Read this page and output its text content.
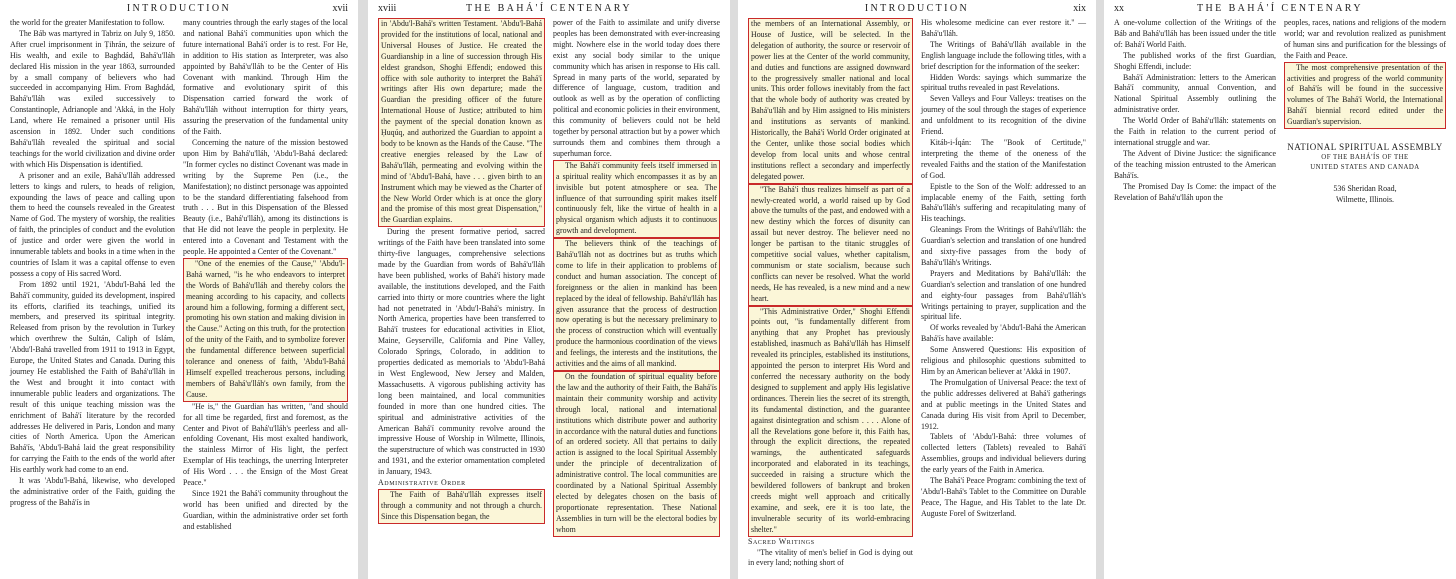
INTRODUCTION	xvii

the world for the greater Manifestation to follow.

The Báb was martyred in Tabriz on July 9, 1850. After cruel imprisonment in Ṭihrán, the seizure of His wealth, and exile to Baghdád, Bahá'u'lláh declared His mission in the year 1863, surrounded by a small company of believers who had succeeded in accompanying Him. From Baghdád, Bahá'u'lláh was exiled successively to Constantinople, Adrianople and 'Akká, in the Holy Land, where He remained a prisoner until His ascension in 1892. Under such conditions Bahá'u'lláh revealed the spiritual and social teachings for the world civilization and divine order with which His Dispensation is identified.

A prisoner and an exile, Bahá'u'lláh addressed letters to kings and rulers, to heads of religion, expounding the laws of peace and calling upon them to heed the counsels revealed in the Greatest Name of God. The mystery of worship, the realities of faith, the principles of conduct and the evolution of justice and order were given the world in innumerable tablets and books in a time when in the countries of Islam it was a capital offense to even possess a copy of His sacred Word.

From 1892 until 1921, 'Abdu'l-Bahá led the Bahá'í community, guided its development, inspired its efforts, clarified its teachings, unified its members, and preserved its spiritual integrity. Released from prison by the revolution in Turkey which overthrew the Sultán, Caliph of Islám, 'Abdu'l-Bahá travelled from 1911 to 1913 in Egypt, Europe, the United States and Canada. During this journey He established the Faith of Bahá'u'lláh in the West and brought it into contact with innumerable public leaders and organizations. The result of this unique teaching mission was the enrichment of Bahá'í literature by the recorded addresses He delivered in Paris, London and many cities of North America. Upon the American Bahá'ís, 'Abdu'l-Bahá laid the great responsibility for carrying the Faith to the ends of the world after His earthly work had come to an end.

It was 'Abdu'l-Bahá, likewise, who developed the administrative order of the Faith, guiding the progress of the Bahá'ís in

many countries through the early stages of the local and national Bahá'í communities upon which the future international Bahá'í order is to rest. For He, in addition to His station as Interpreter, was also appointed by Bahá'u'lláh to be the Center of His Covenant with mankind. Through Him the formative and evolutionary spirit of this Dispensation carried forward the work of Bahá'u'lláh without interruption for thirty years, assuring the preservation of the fundamental unity of the Faith.

Concerning the nature of the mission bestowed upon Him by Bahá'u'lláh, 'Abdu'l-Bahá declared: "In former cycles no distinct Covenant was made in writing by the Supreme Pen (i.e., the Manifestation); no distinct personage was appointed to be the standard differentiating falsehood from truth . . . But in this Dispensation of the Blessed Beauty (i.e., Bahá'u'lláh), among its distinctions is that He did not leave the people in perplexity. He entered into a Covenant and Testament with the people. He appointed a Center of the Covenant."

"One of the enemies of the Cause," 'Abdu'l-Bahá warned, "is he who endeavors to interpret the Words of Bahá'u'lláh and thereby colors the meaning according to his capacity, and collects around him a following, forming a different sect, promoting his own station and making division in the Cause." Acting on this truth, for the protection of the unity of the Faith, and to symbolize forever the fundamental difference between superficial tolerance and oneness of faith, 'Abdu'l-Bahá Himself expelled treacherous persons, including members of Bahá'u'lláh's own family, from the Cause.

"He is," the Guardian has written, "and should for all time be regarded, first and foremost, as the Center and Pivot of Bahá'u'lláh's peerless and all-enfolding Covenant, His most exalted handiwork, the stainless Mirror of His light, the perfect Exemplar of His teachings, the unerring Interpreter of His Word . . . the Ensign of the Most Great Peace."

Since 1921 the Bahá'í community throughout the world has been unified and directed by the Guardian, within the administrative order set forth and established

xviii	THE BAHÁ'Í CENTENARY

in 'Abdu'l-Bahá's written Testament. 'Abdu'l-Bahá provided for the institutions of local, national and Universal Houses of Justice. He created the Guardianship in a line of succession through His eldest grandson, Shoghi Effendi; endowed this office with sole authority to interpret the Bahá'í writings after His own departure; made the Guardian the presiding officer of the future International House of Justice; attributed to him the payment of the special donation known as Ḥuqúq, and authorized the Guardian to appoint a body to be known as the Hands of the Cause. "The creative energies released by the Law of Bahá'u'lláh, permeating and evolving within the mind of 'Abdu'l-Bahá, have . . . given birth to an Instrument which may be viewed as the Charter of the New World Order which is at once the glory and the promise of this most great Dispensation," the Guardian explains.

During the present formative period, sacred writings of the Faith have been translated into some thirty-five languages, comprehensive selections made by the Guardian from words of Bahá'u'lláh have been published, works of Bahá'í history made available, the institutions developed, and the Faith carried into thirty or more countries where the light had not penetrated in 'Abdu'l-Bahá's ministry. In North America, properties have been transferred to Bahá'í trustees for educational activities in Eliot, Maine, Geyserville, California and Pine Valley, Colorado Springs, Colorado, in addition to properties dedicated as memorials to 'Abdu'l-Bahá in West Englewood, New Jersey and Malden, Massachusetts. A vigorous publishing activity has long been maintained, and local communities founded in more than one hundred cities. The spiritual and administrative activities of the American Bahá'í community revolve around the impressive House of Worship in Wilmette, Illinois, the superstructure of which was constructed in 1930 and 1931, and the exterior ornamentation completed in January, 1943.

Administrative Order

The Faith of Bahá'u'lláh expresses itself through a community and not through a church. Since this Dispensation began, the

power of the Faith to assimilate and unify diverse peoples has been demonstrated with ever-increasing might. Nowhere else in the world today does there exist any social body similar to the unique community which has arisen in response to His call. Spread in many parts of the world, separated by difference of language, custom, tradition and outlook as well as by the operation of conflicting political and economic policies in their environment, this community of believers could not be held together by personal attraction but by a power which surrounds them and combines them through a superhuman force.

The Bahá'í community feels itself immersed in a spiritual reality which encompasses it as by an invisible but potent atmosphere or sea. The influence of that surrounding spirit makes itself continuously felt, like the virtue of health in a physical organism which adjusts it to continuous growth and development.

The believers think of the teachings of Bahá'u'lláh not as doctrines but as truths which come to life in their application to problems of conduct and human association. The concept of foreignness or the alien in mankind has been replaced by the ideal of fellowship. Bahá'u'lláh has given assurance that the process of destruction now operating is but the necessary preliminary to the process of construction which will eventually produce the harmonious coordination of the views and feelings, the interests and the institutions, the activities and the aims of all mankind.

On the foundation of spiritual equality before the law and the authority of their Faith, the Bahá'ís maintain their community worship and activity through local, national and international institutions which distribute power and authority in accordance with the natural duties and functions of an ordered society. All that pertains to daily action is assigned to the local Spiritual Assembly under the principle of decentralization of administrative control. The local communities are coordinated by a National Spiritual Assembly elected by delegates chosen on the basis of proportionate representation. These National Assemblies in turn will be the electoral bodies by whom

INTRODUCTION	xix

the members of an International Assembly, or House of Justice, will be selected. In the delegation of authority, the source or reservoir of power lies at the Center of the world community, and duties and functions are assigned downward to the progressively smaller national and local units. This order follows inevitably from the fact that the whole body of authority was created by Bahá'u'lláh and by Him assigned to His ministers and institutions as servants of mankind. Historically, the Bahá'í World Order originated at the Center, unlike those social bodies which develop from local units and whose central institutions reflect a secondary and imperfectly delegated power.

"The Bahá'í thus realizes himself as part of a newly-created world, a world raised up by God above the tumults of the past, and endowed with a new destiny which the forces of disunity can assail but never destroy. The believer need no longer be partisan to the titanic struggles of competitive social values, whether capitalism, communism or state socialism, because such conflicts can never be resolved. What the world needs, He has revealed, is a new mind and a new heart.

"This Administrative Order," Shoghi Effendi points out, "is fundamentally different from anything that any Prophet has previously established, inasmuch as Bahá'u'lláh has Himself revealed its principles, established its institutions, appointed the person to interpret His Word and conferred the necessary authority on the body designed to supplement and apply His legislative ordinances. Therein lies the secret of its strength, its fundamental distinction, and the guarantee against disintegration and schism . . . . Alone of all the Revelations gone before it, this Faith has, through the explicit directions, the repeated warnings, the authenticated safeguards incorporated and elaborated in its teachings, succeeded in raising a structure which the bewildered followers of bankrupt and broken creeds might well approach and critically examine, and seek, ere it is too late, the invulnerable security of its world-embracing shelter."

Sacred Writings

"The vitality of men's belief in God is dying out in every land; nothing short of

His wholesome medicine can ever restore it." —Bahá'u'lláh.

The Writings of Bahá'u'lláh available in the English language include the following titles, with a brief description for the information of the seeker:

Hidden Words: sayings which summarize the spiritual truths revealed in past Revelations.

Seven Valleys and Four Valleys: treatises on the journey of the soul through the stages of experience and unfoldment to its recognition of the divine Friend.

Kitáb-i-Íqán: The "Book of Certitude," interpreting the theme of the oneness of the revealed Faiths and the station of the Manifestation of God.

Epistle to the Son of the Wolf: addressed to an implacable enemy of the Faith, setting forth Bahá'u'lláh's suffering and recapitulating many of His teachings.

Gleanings From the Writings of Bahá'u'lláh: the Guardian's selection and translation of one hundred and sixty-five passages from the body of Bahá'u'lláh's Writings.

Prayers and Meditations by Bahá'u'lláh: the Guardian's selection and translation of one hundred and eighty-four passages from Bahá'u'lláh's Writings pertaining to prayer, supplication and the spiritual life.

Of works revealed by 'Abdu'l-Bahá the American Bahá'ís have available:

Some Answered Questions: His exposition of religious and philosophic questions submitted to Him by an American believer at 'Akká in 1907.

The Promulgation of Universal Peace: the text of the public addresses delivered at Bahá'í gatherings and at public meetings in the United States and Canada during His visit from April to December, 1912.

Tablets of 'Abdu'l-Bahá: three volumes of collected letters (Tablets) revealed to Bahá'í Assemblies, groups and individual believers during the early years of the Faith in America.

The Bahá'í Peace Program: combining the text of 'Abdu'l-Bahá's Tablet to the Committee on Durable Peace, The Hague, and His Tablet to the late Dr. Auguste Forel of Switzerland.

xx	THE BAHÁ'Í CENTENARY

A one-volume collection of the Writings of the Báb and Bahá'u'lláh has been issued under the title of: Bahá'í World Faith.

The published works of the first Guardian, Shoghi Effendi, include:

Bahá'í Administration: letters to the American Bahá'í community, annual Convention, and National Spiritual Assembly outlining the administrative order.

The World Order of Bahá'u'lláh: statements on the Faith in relation to the current period of international struggle and war.

The Advent of Divine Justice: the significance of the teaching mission entrusted to the American Bahá'ís.

The Promised Day Is Come: the impact of the Revelation of Bahá'u'lláh upon the

peoples, races, nations and religions of the modern world; war and revolution realized as punishment of human sins and purification for the blessings of the Faith and Peace.

The most comprehensive presentation of the activities and progress of the world community of Bahá'ís will be found in the successive volumes of The Bahá'í World, the International Bahá'í biennial record edited under the Guardian's supervision.

NATIONAL SPIRITUAL ASSEMBLY
OF THE BAHÁ'ÍS OF THE
UNITED STATES AND CANADA
536 Sheridan Road,
Wilmette, Illinois.
